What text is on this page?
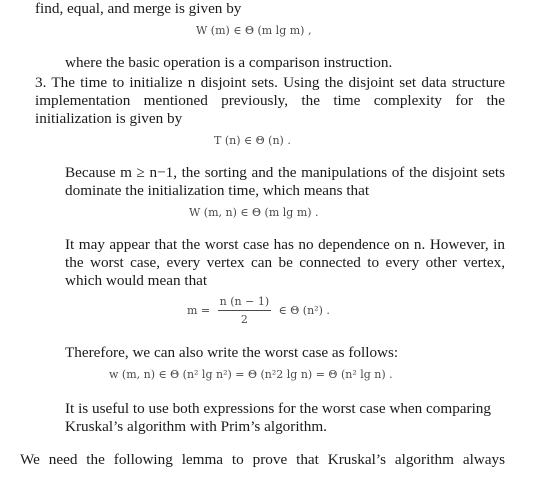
find, equal, and merge is given by
W (m) ∈ Θ (m lg m) ,
where the basic operation is a comparison instruction.
3. The time to initialize n disjoint sets. Using the disjoint set data structure
implementation mentioned previously, the time complexity for the
initialization is given by
T (n) ∈ Θ (n) .
Because m ≥ n−1, the sorting and the manipulations of the disjoint sets
dominate the initialization time, which means that
W (m, n) ∈ Θ (m lg m) .
It may appear that the worst case has no dependence on n. However, in
the worst case, every vertex can be connected to every other vertex,
which would mean that
$m = \frac{n (n - 1)}{2}$ ∈ Θ (n²) .
Therefore, we can also write the worst case as follows:
w (m, n) ∈ Θ (n² lg n²) = Θ (n²2 lg n) = Θ (n² lg n) .
It is useful to use both expressions for the worst case when comparing
Kruskal’s algorithm with Prim’s algorithm.
We need the following lemma to prove that Kruskal’s algorithm always
